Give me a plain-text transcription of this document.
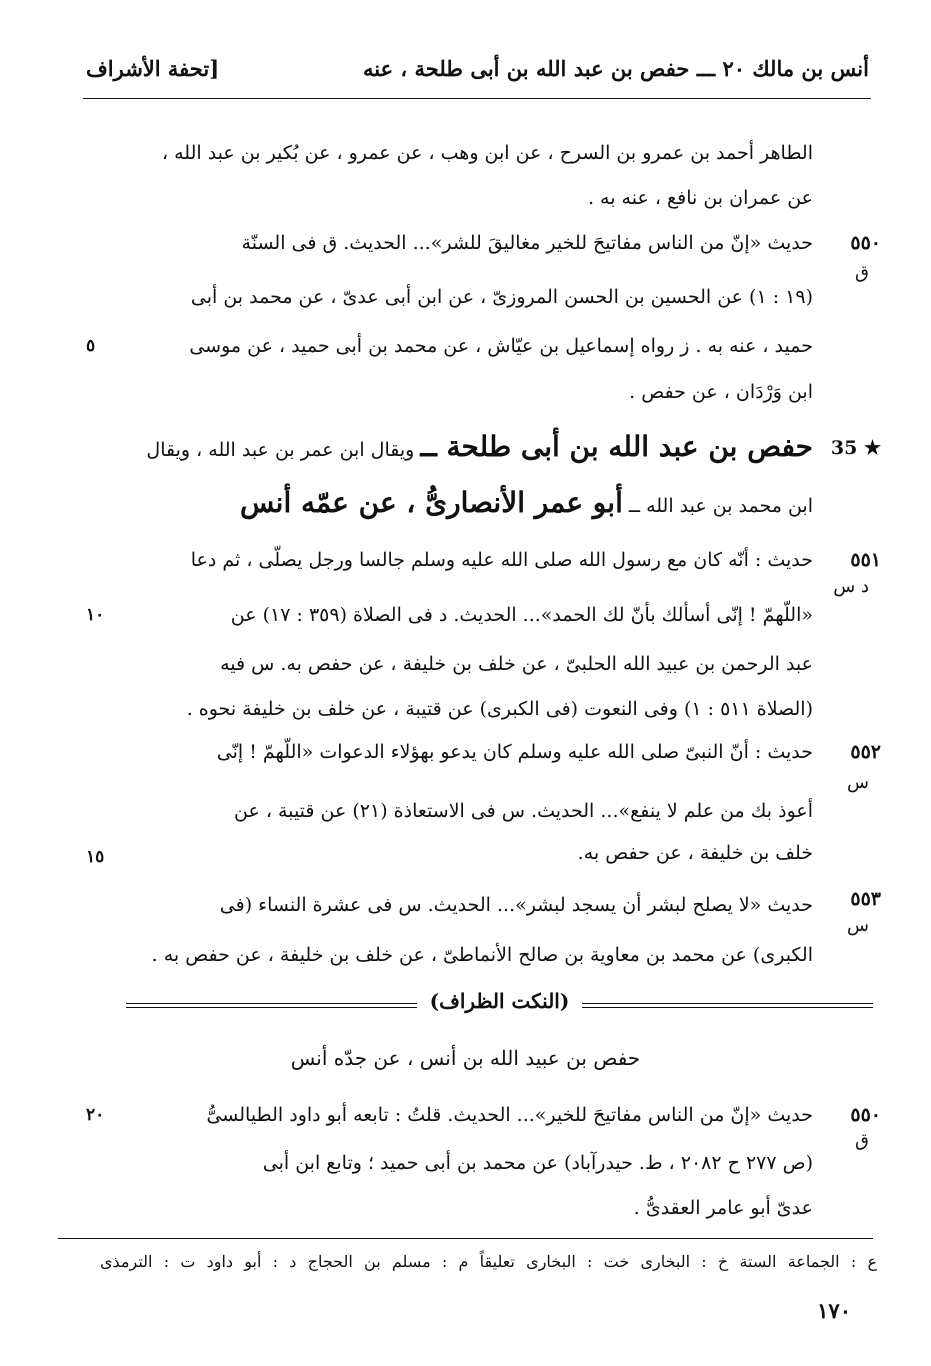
أنس بن مالك ٢٠ ـــ حفص بن عبد الله بن أبى طلحة ، عنه
[تحفة الأشراف
الطاهر أحمد بن عمرو بن السرح ، عن ابن وهب ، عن عمرو ، عن بُكير بن عبد الله ،
عن عمران بن نافع ، عنه به .
٥٥٠
ق
حديث «إنّ من الناس مفاتيحَ للخير مغاليقَ للشر»... الحديث. ق فى السنّة
(١٩ : ١) عن الحسين بن الحسن المروزىّ ، عن ابن أبى عدىّ ، عن محمد بن أبى
حميد ، عنه به . ز رواه إسماعيل بن عيّاش ، عن محمد بن أبى حميد ، عن موسى
٥
ابن وَرْدَان ، عن حفص .
35 ★
حفص بن عبد الله بن أبى طلحة ــ ويقال ابن عمر بن عبد الله ، ويقال
ابن محمد بن عبد الله ــ أبو عمر الأنصارىُّ ، عن عمّه أنس
٥٥١
د س
حديث : أنّه كان مع رسول الله صلى الله عليه وسلم جالسا ورجل يصلّى ، ثم دعا
«اللّهمّ ! إنّى أسألك بأنّ لك الحمد»... الحديث. د فى الصلاة (٣٥٩ : ١٧) عن
١٠
عبد الرحمن بن عبيد الله الحلبىّ ، عن خلف بن خليفة ، عن حفص به. س فيه
(الصلاة ٥١١ : ١) وفى النعوت (فى الكبرى) عن قتيبة ، عن خلف بن خليفة نحوه .
٥٥٢
س
حديث : أنّ النبىّ صلى الله عليه وسلم كان يدعو بهؤلاء الدعوات «اللّهمّ ! إنّى
أعوذ بك من علم لا ينفع»... الحديث. س فى الاستعاذة (٢١) عن قتيبة ، عن
خلف بن خليفة ، عن حفص به.
١٥
٥٥٣
س
حديث «لا يصلح لبشر أن يسجد لبشر»... الحديث. س فى عشرة النساء (فى
الكبرى) عن محمد بن معاوية بن صالح الأنماطىّ ، عن خلف بن خليفة ، عن حفص به .
(النكت الظراف)
حفص بن عبيد الله بن أنس ، عن جدّه أنس
٥٥٠
ق
حديث «إنّ من الناس مفاتيحَ للخير»... الحديث. قلتُ : تابعه أبو داود الطيالسىُّ
٢٠
(ص ٢٧٧ ح ٢٠٨٢ ، ط. حيدرآباد) عن محمد بن أبى حميد ؛ وتابع ابن أبى
عدىّ أبو عامر العقدىُّ .
ع : الجماعة الستة خ : البخارى خت : البخارى تعليقاً م : مسلم بن الحجاج د : أبو داود ت : الترمذى
١٧٠
